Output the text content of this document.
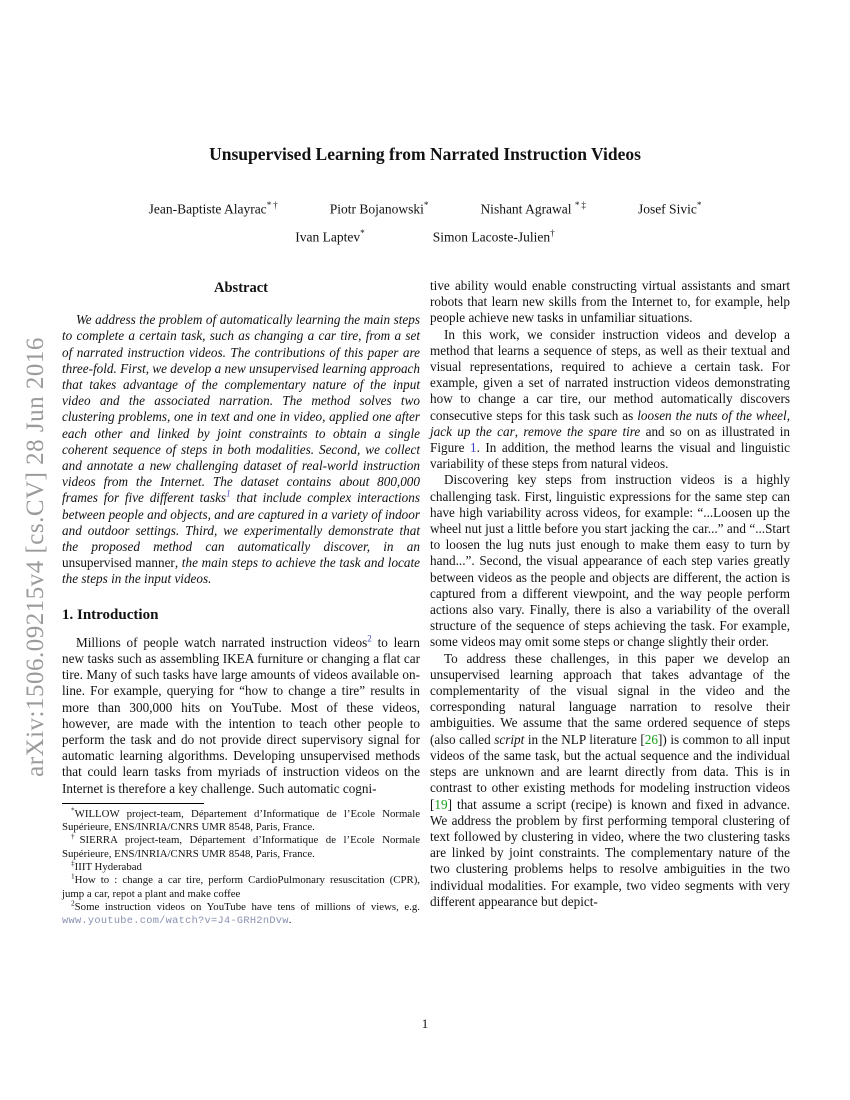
arXiv:1506.09215v4 [cs.CV] 28 Jun 2016
Unsupervised Learning from Narrated Instruction Videos
Jean-Baptiste Alayrac* †	Piotr Bojanowski*	Nishant Agrawal * ‡	Josef Sivic*
Ivan Laptev*	Simon Lacoste-Julien†
Abstract

We address the problem of automatically learning the main steps to complete a certain task, such as changing a car tire, from a set of narrated instruction videos. The contributions of this paper are three-fold. First, we develop a new unsupervised learning approach that takes advantage of the complementary nature of the input video and the associated narration. The method solves two clustering problems, one in text and one in video, applied one after each other and linked by joint constraints to obtain a single coherent sequence of steps in both modalities. Second, we collect and annotate a new challenging dataset of real-world instruction videos from the Internet. The dataset contains about 800,000 frames for five different tasks$^1$ that include complex interactions between people and objects, and are captured in a variety of indoor and outdoor settings. Third, we experimentally demonstrate that the proposed method can automatically discover, in an unsupervised manner, the main steps to achieve the task and locate the steps in the input videos.

1. Introduction

Millions of people watch narrated instruction videos$^2$ to learn new tasks such as assembling IKEA furniture or changing a flat car tire. Many of such tasks have large amounts of videos available on-line. For example, querying for “how to change a tire” results in more than 300,000 hits on YouTube. Most of these videos, however, are made with the intention to teach other people to perform the task and do not provide direct supervisory signal for automatic learning algorithms. Developing unsupervised methods that could learn tasks from myriads of instruction videos on the Internet is therefore a key challenge. Such automatic cogni-

*WILLOW project-team, Département d’Informatique de l’Ecole Normale Supérieure, ENS/INRIA/CNRS UMR 8548, Paris, France.

†SIERRA project-team, Département d’Informatique de l’Ecole Normale Supérieure, ENS/INRIA/CNRS UMR 8548, Paris, France.

‡IIIT Hyderabad

$^1$How to : change a car tire, perform CardioPulmonary resuscitation (CPR), jump a car, repot a plant and make coffee

$^2$Some instruction videos on YouTube have tens of millions of views, e.g. www.youtube.com/watch?v=J4-GRH2nDvw.

tive ability would enable constructing virtual assistants and smart robots that learn new skills from the Internet to, for example, help people achieve new tasks in unfamiliar situations.

In this work, we consider instruction videos and develop a method that learns a sequence of steps, as well as their textual and visual representations, required to achieve a certain task. For example, given a set of narrated instruction videos demonstrating how to change a car tire, our method automatically discovers consecutive steps for this task such as loosen the nuts of the wheel, jack up the car, remove the spare tire and so on as illustrated in Figure 1. In addition, the method learns the visual and linguistic variability of these steps from natural videos.

Discovering key steps from instruction videos is a highly challenging task. First, linguistic expressions for the same step can have high variability across videos, for example: “...Loosen up the wheel nut just a little before you start jacking the car...” and “...Start to loosen the lug nuts just enough to make them easy to turn by hand...”. Second, the visual appearance of each step varies greatly between videos as the people and objects are different, the action is captured from a different viewpoint, and the way people perform actions also vary. Finally, there is also a variability of the overall structure of the sequence of steps achieving the task. For example, some videos may omit some steps or change slightly their order.

To address these challenges, in this paper we develop an unsupervised learning approach that takes advantage of the complementarity of the visual signal in the video and the corresponding natural language narration to resolve their ambiguities. We assume that the same ordered sequence of steps (also called script in the NLP literature [26]) is common to all input videos of the same task, but the actual sequence and the individual steps are unknown and are learnt directly from data. This is in contrast to other existing methods for modeling instruction videos [19] that assume a script (recipe) is known and fixed in advance. We address the problem by first performing temporal clustering of text followed by clustering in video, where the two clustering tasks are linked by joint constraints. The complementary nature of the two clustering problems helps to resolve ambiguities in the two individual modalities. For example, two video segments with very different appearance but depict-

1
